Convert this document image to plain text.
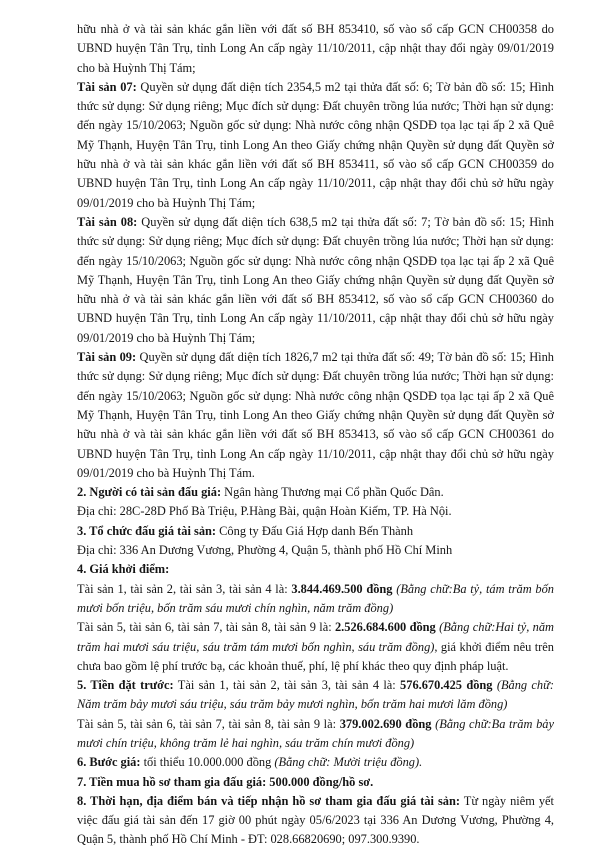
hữu nhà ở và tài sản khác gắn liền với đất số BH 853410, số vào sổ cấp GCN CH00358 do UBND huyện Tân Trụ, tỉnh Long An cấp ngày 11/10/2011, cập nhật thay đổi ngày 09/01/2019 cho bà Huỳnh Thị Tám;

Tài sản 07: Quyền sử dụng đất diện tích 2354,5 m2 tại thửa đất số: 6; Tờ bản đồ số: 15; Hình thức sử dụng: Sử dụng riêng; Mục đích sử dụng: Đất chuyên trồng lúa nước; Thời hạn sử dụng: đến ngày 15/10/2063; Nguồn gốc sử dụng: Nhà nước công nhận QSDĐ tọa lạc tại ấp 2 xã Quê Mỹ Thạnh, Huyện Tân Trụ, tỉnh Long An theo Giấy chứng nhận Quyền sử dụng đất Quyền sở hữu nhà ở và tài sản khác gắn liền với đất số BH 853411, số vào sổ cấp GCN CH00359 do UBND huyện Tân Trụ, tỉnh Long An cấp ngày 11/10/2011, cập nhật thay đổi chủ sở hữu ngày 09/01/2019 cho bà Huỳnh Thị Tám;

Tài sản 08: Quyền sử dụng đất diện tích 638,5 m2 tại thửa đất số: 7; Tờ bản đồ số: 15; Hình thức sử dụng: Sử dụng riêng; Mục đích sử dụng: Đất chuyên trồng lúa nước; Thời hạn sử dụng: đến ngày 15/10/2063; Nguồn gốc sử dụng: Nhà nước công nhận QSDĐ tọa lạc tại ấp 2 xã Quê Mỹ Thạnh, Huyện Tân Trụ, tỉnh Long An theo Giấy chứng nhận Quyền sử dụng đất Quyền sở hữu nhà ở và tài sản khác gắn liền với đất số BH 853412, số vào sổ cấp GCN CH00360 do UBND huyện Tân Trụ, tỉnh Long An cấp ngày 11/10/2011, cập nhật thay đổi chủ sở hữu ngày 09/01/2019 cho bà Huỳnh Thị Tám;

Tài sản 09: Quyền sử dụng đất diện tích 1826,7 m2 tại thửa đất số: 49; Tờ bản đồ số: 15; Hình thức sử dụng: Sử dụng riêng; Mục đích sử dụng: Đất chuyên trồng lúa nước; Thời hạn sử dụng: đến ngày 15/10/2063; Nguồn gốc sử dụng: Nhà nước công nhận QSDĐ tọa lạc tại ấp 2 xã Quê Mỹ Thạnh, Huyện Tân Trụ, tỉnh Long An theo Giấy chứng nhận Quyền sử dụng đất Quyền sở hữu nhà ở và tài sản khác gắn liền với đất số BH 853413, số vào sổ cấp GCN CH00361 do UBND huyện Tân Trụ, tỉnh Long An cấp ngày 11/10/2011, cập nhật thay đổi chủ sở hữu ngày 09/01/2019 cho bà Huỳnh Thị Tám.

2. Người có tài sản đấu giá: Ngân hàng Thương mại Cổ phần Quốc Dân.

Địa chỉ: 28C-28D Phố Bà Triệu, P.Hàng Bài, quận Hoàn Kiếm, TP. Hà Nội.

3. Tổ chức đấu giá tài sản: Công ty Đấu Giá Hợp danh Bến Thành

Địa chỉ: 336 An Dương Vương, Phường 4, Quận 5, thành phố Hồ Chí Minh

4. Giá khởi điểm:

Tài sản 1, tài sản 2, tài sản 3, tài sản 4 là: 3.844.469.500 đồng (Bằng chữ:Ba tỷ, tám trăm bốn mươi bốn triệu, bốn trăm sáu mươi chín nghìn, năm trăm đồng)

Tài sản 5, tài sản 6, tài sản 7, tài sản 8, tài sản 9 là: 2.526.684.600 đồng (Bằng chữ:Hai tỷ, năm trăm hai mươi sáu triệu, sáu trăm tám mươi bốn nghìn, sáu trăm đồng), giá khởi điểm nêu trên chưa bao gồm lệ phí trước bạ, các khoản thuế, phí, lệ phí khác theo quy định pháp luật.

5. Tiền đặt trước: Tài sản 1, tài sản 2, tài sản 3, tài sản 4 là: 576.670.425 đồng (Bằng chữ: Năm trăm bảy mươi sáu triệu, sáu trăm bảy mươi nghìn, bốn trăm hai mươi lăm đồng)

Tài sản 5, tài sản 6, tài sản 7, tài sản 8, tài sản 9 là: 379.002.690 đồng (Bằng chữ:Ba trăm bảy mươi chín triệu, không trăm lẻ hai nghìn, sáu trăm chín mươi đồng)

6. Bước giá: tối thiểu 10.000.000 đồng (Bằng chữ: Mười triệu đồng).

7. Tiền mua hồ sơ tham gia đấu giá: 500.000 đồng/hồ sơ.

8. Thời hạn, địa điểm bán và tiếp nhận hồ sơ tham gia đấu giá tài sản: Từ ngày niêm yết việc đấu giá tài sản đến 17 giờ 00 phút ngày 05/6/2023 tại 336 An Dương Vương, Phường 4, Quận 5, thành phố Hồ Chí Minh - ĐT: 028.66820690; 097.300.9390.
